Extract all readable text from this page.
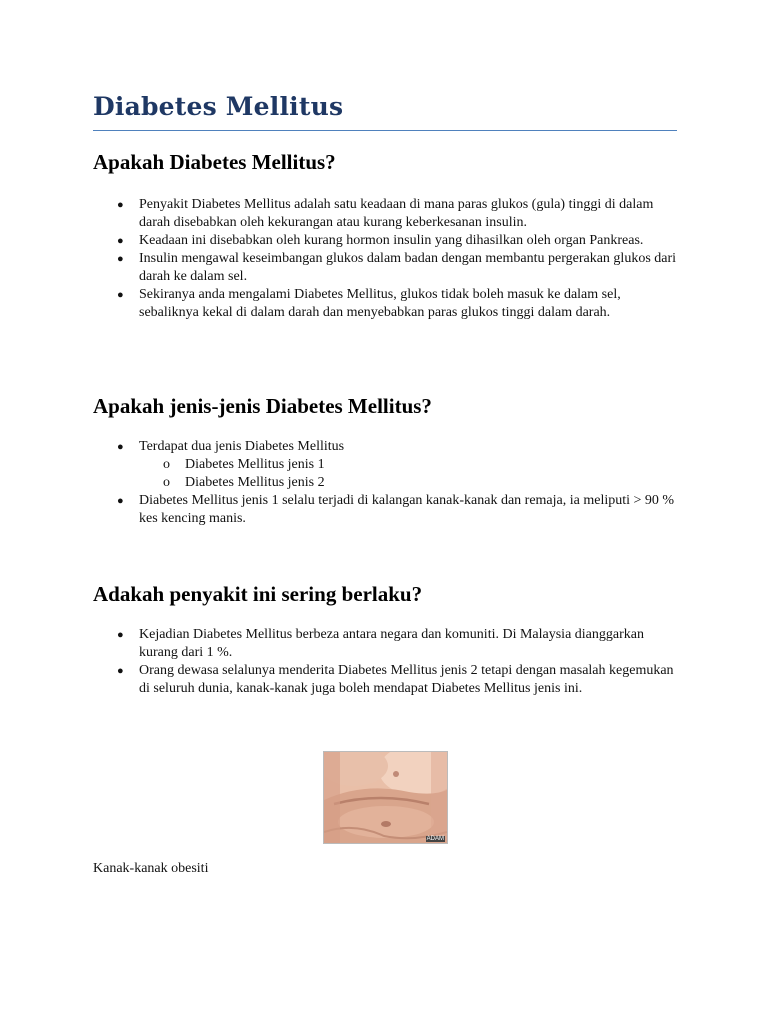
Diabetes Mellitus
Apakah Diabetes Mellitus?
● Penyakit Diabetes Mellitus adalah satu keadaan di mana paras glukos (gula) tinggi di dalam darah disebabkan oleh kekurangan atau kurang keberkesanan insulin.
● Keadaan ini disebabkan oleh kurang hormon insulin yang dihasilkan oleh organ Pankreas.
● Insulin mengawal keseimbangan glukos dalam badan dengan membantu pergerakan glukos dari darah ke dalam sel.
● Sekiranya anda mengalami Diabetes Mellitus, glukos tidak boleh masuk ke dalam sel, sebaliknya kekal di dalam darah dan menyebabkan paras glukos tinggi dalam darah.
Apakah jenis-jenis Diabetes Mellitus?
● Terdapat dua jenis Diabetes Mellitus
o Diabetes Mellitus jenis 1
o Diabetes Mellitus jenis 2
● Diabetes Mellitus jenis 1 selalu terjadi di kalangan kanak-kanak dan remaja, ia meliputi > 90 % kes kencing manis.
Adakah penyakit ini sering berlaku?
● Kejadian Diabetes Mellitus berbeza antara negara dan komuniti. Di Malaysia dianggarkan kurang dari 1 %.
● Orang dewasa selalunya menderita Diabetes Mellitus jenis 2 tetapi dengan masalah kegemukan di seluruh dunia, kanak-kanak juga boleh mendapat Diabetes Mellitus jenis ini.
ADAM

Kanak-kanak obesiti
